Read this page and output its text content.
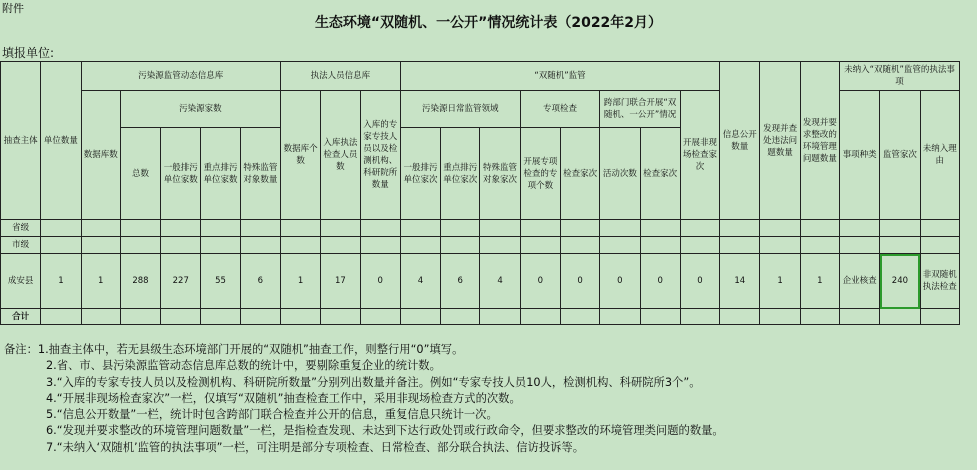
附件
生态环境“双随机、一公开”情况统计表（2022年2月）
填报单位:
抽查主体	单位数量	污染源监管动态信息库					执法人员信息库			“双随机”监管								信息公开数量	发现并查处违法问题数量	发现并要求整改的环境管理问题数量	未纳入“双随机”监管的执法事项		
		数据库数	污染源家数				数据库个数	入库执法检查人员数	入库的专家专技人员以及检测机构、科研院所数量	污染源日常监管领域			专项检查		跨部门联合开展“双随机、一公开”情况		开展非现场检查家次				事项种类	监管家次	未纳入理由
			总数	一般排污单位家数	重点排污单位家数	特殊监管对象数量				一般排污单位家次	重点排污单位家次	特殊监管对象家次	开展专项检查的专项个数	检查家次	活动次数	检查家次							

省级																							
市级																							
成安县	1	1	288	227	55	6	1	17	0	4	6	4	0	0	0	0	0	14	1	1	企业核查	240	非双随机执法检查
合计																							
备注：1.抽查主体中，若无县级生态环境部门开展的“双随机”抽查工作，则整行用“0”填写。
2.省、市、县污染源监管动态信息库总数的统计中，要剔除重复企业的统计数。
3.“入库的专家专技人员以及检测机构、科研院所数量”分别列出数量并备注。例如“专家专技人员10人，检测机构、科研院所3个”。
4.“开展非现场检查家次”一栏，仅填写“双随机”抽查检查工作中，采用非现场检查方式的次数。
5.“信息公开数量”一栏，统计时包含跨部门联合检查并公开的信息，重复信息只统计一次。
6.“发现并要求整改的环境管理问题数量”一栏，是指检查发现、未达到下达行政处罚或行政命令，但要求整改的环境管理类问题的数量。
7.“未纳入‘双随机’监管的执法事项”一栏，可注明是部分专项检查、日常检查、部分联合执法、信访投诉等。
